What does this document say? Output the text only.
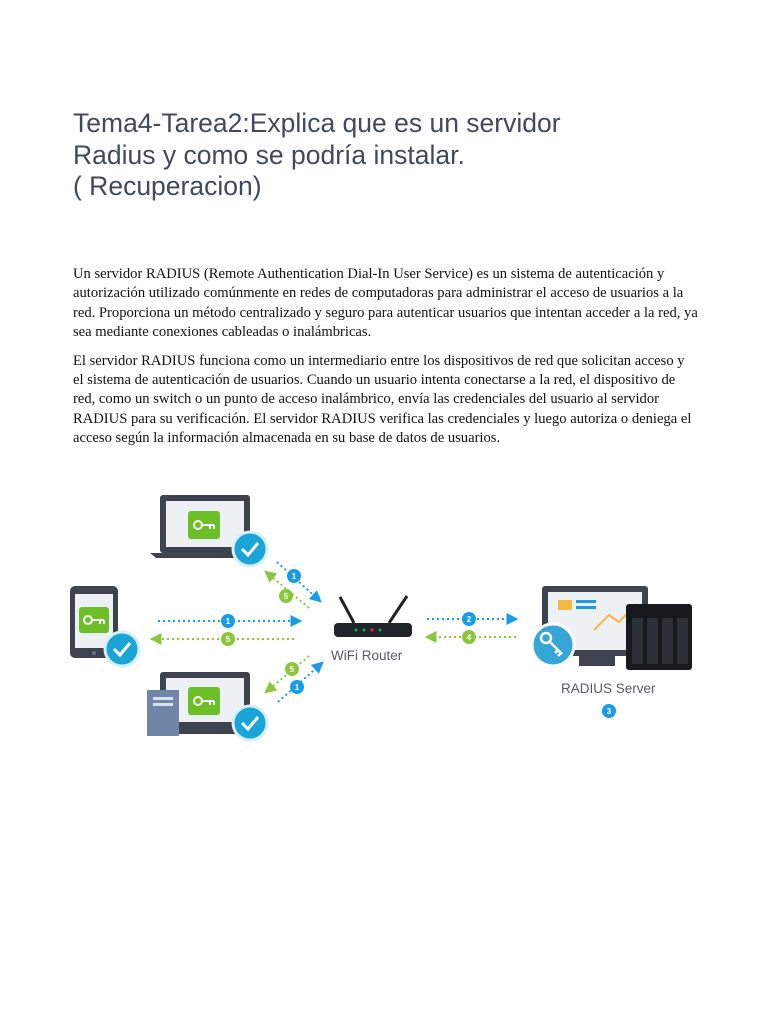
Tema4-Tarea2:Explica que es un servidor
Radius y como se podría instalar.
( Recuperacion)

Un servidor RADIUS (Remote Authentication Dial-In User Service) es un sistema de autenticación y autorización utilizado comúnmente en redes de computadoras para administrar el acceso de usuarios a la red. Proporciona un método centralizado y seguro para autenticar usuarios que intentan acceder a la red, ya sea mediante conexiones cableadas o inalámbricas.

El servidor RADIUS funciona como un intermediario entre los dispositivos de red que solicitan acceso y el sistema de autenticación de usuarios. Cuando un usuario intenta conectarse a la red, el dispositivo de red, como un switch o un punto de acceso inalámbrico, envía las credenciales del usuario al servidor RADIUS para su verificación. El servidor RADIUS verifica las credenciales y luego autoriza o deniega el acceso según la información almacenada en su base de datos de usuarios.

WiFi Router
RADIUS Server
1
5
1
5
5
1
2
4
3
